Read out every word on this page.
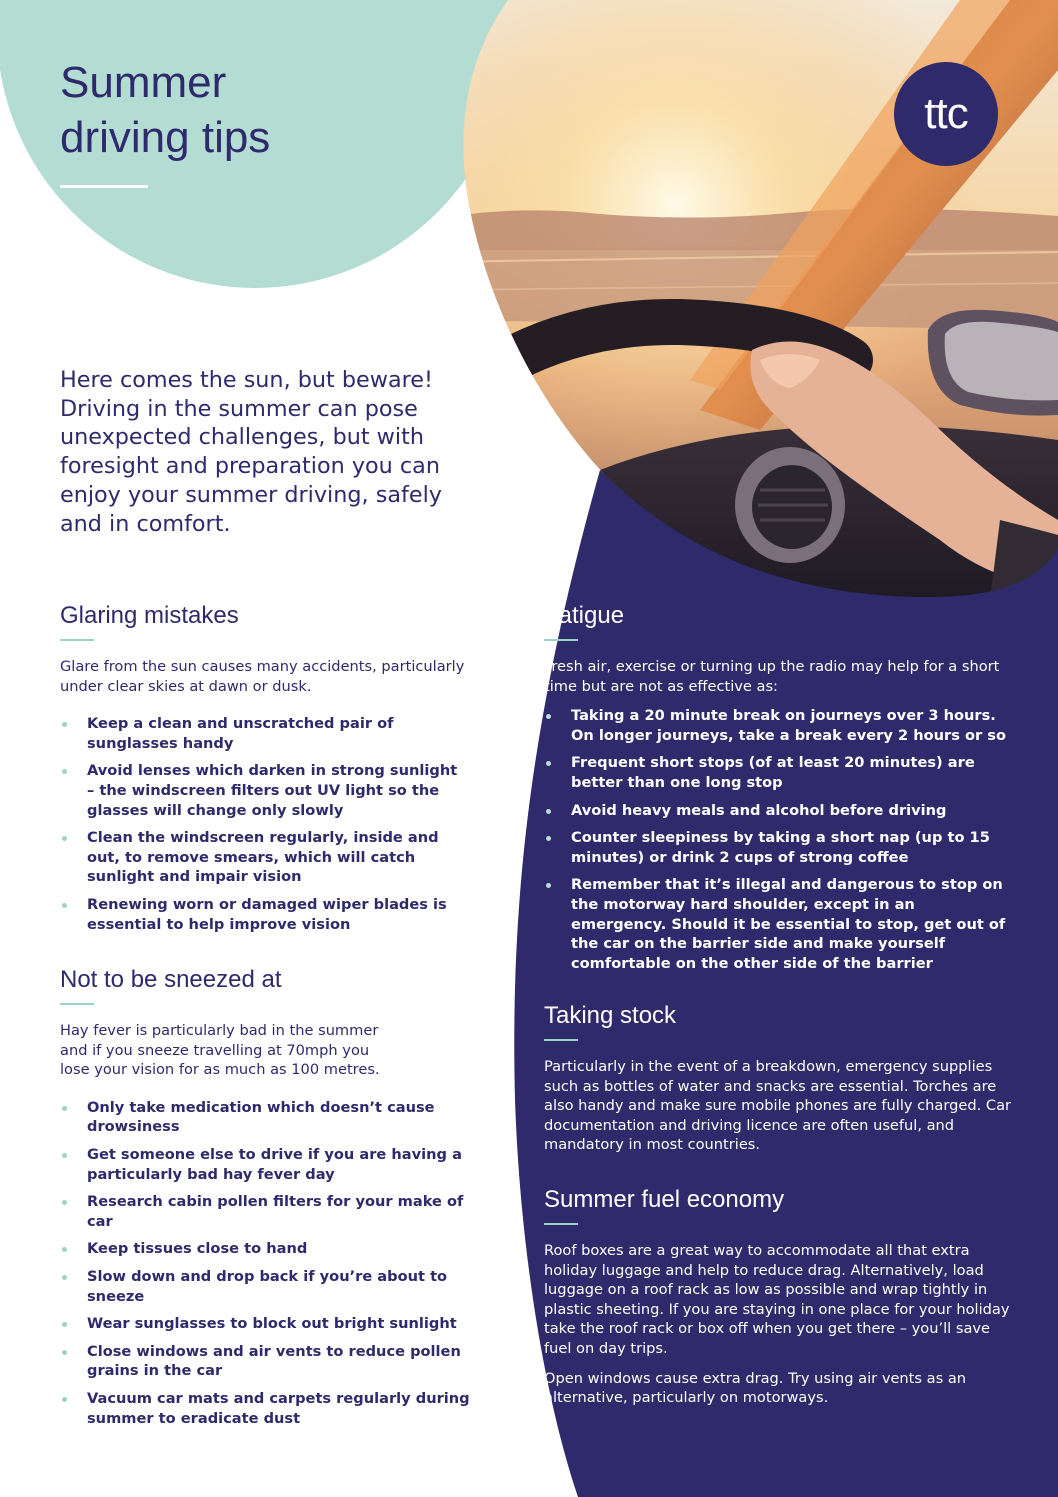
Summer
driving tips	ttc

Here comes the sun, but beware! Driving in the summer can pose unexpected challenges, but with foresight and preparation you can enjoy your summer driving, safely and in comfort.

Glaring mistakes

Glare from the sun causes many accidents, particularly under clear skies at dawn or dusk.

Keep a clean and unscratched pair of sunglasses handy
Avoid lenses which darken in strong sunlight – the windscreen filters out UV light so the glasses will change only slowly
Clean the windscreen regularly, inside and out, to remove smears, which will catch sunlight and impair vision
Renewing worn or damaged wiper blades is essential to help improve vision
Not to be sneezed at

Hay fever is particularly bad in the summer and if you sneeze travelling at 70mph you lose your vision for as much as 100 metres.

Only take medication which doesn’t cause drowsiness
Get someone else to drive if you are having a particularly bad hay fever day
Research cabin pollen filters for your make of car
Keep tissues close to hand
Slow down and drop back if you’re about to sneeze
Wear sunglasses to block out bright sunlight
Close windows and air vents to reduce pollen grains in the car
Vacuum car mats and carpets regularly during summer to eradicate dust
Fatigue

Fresh air, exercise or turning up the radio may help for a short time but are not as effective as:

Taking a 20 minute break on journeys over 3 hours. On longer journeys, take a break every 2 hours or so
Frequent short stops (of at least 20 minutes) are better than one long stop
Avoid heavy meals and alcohol before driving
Counter sleepiness by taking a short nap (up to 15 minutes) or drink 2 cups of strong coffee
Remember that it’s illegal and dangerous to stop on the motorway hard shoulder, except in an emergency. Should it be essential to stop, get out of the car on the barrier side and make yourself comfortable on the other side of the barrier
Taking stock

Particularly in the event of a breakdown, emergency supplies such as bottles of water and snacks are essential. Torches are also handy and make sure mobile phones are fully charged. Car documentation and driving licence are often useful, and mandatory in most countries.

Summer fuel economy

Roof boxes are a great way to accommodate all that extra holiday luggage and help to reduce drag. Alternatively, load luggage on a roof rack as low as possible and wrap tightly in plastic sheeting. If you are staying in one place for your holiday take the roof rack or box off when you get there – you’ll save fuel on day trips.

Open windows cause extra drag. Try using air vents as an alternative, particularly on motorways.
